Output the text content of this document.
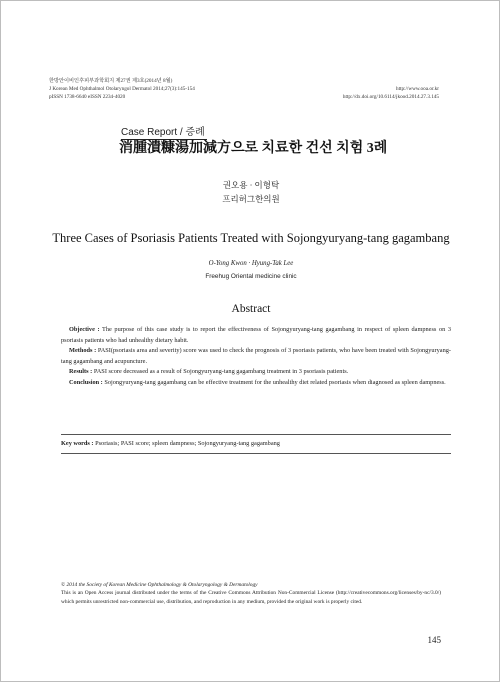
한방안이비인후피부과학회지 제27권 제3호(2014년 8월)
J Korean Med Ophthalmol Otolaryngol Dermatol 2014;27(3):145-154
pISSN 1738-6640 eISSN 2234-4020
http://www.ooa.or.kr
http://dx.doi.org/10.6114/jkood.2014.27.3.145
Case Report / 증례
消腫潰糠湯加減方으로 치료한 건선 치험 3례
권오용 · 이형탁
프리허그한의원
Three Cases of Psoriasis Patients Treated with Sojongyuryang-tang gagambang
O-Yong Kwon · Hyung-Tak Lee
Freehug Oriental medicine clinic
Abstract

Objective : The purpose of this case study is to report the effectiveness of Sojongyuryang-tang gagambang in respect of spleen dampness on 3 psoriasis patients who had unhealthy dietary habit.

Methods : PASI(psoriasis area and severity) score was used to check the prognosis of 3 psoriasis patients, who have been treated with Sojongyuryang-tang gagambang and acupuncture.

Results : PASI score decreased as a result of Sojongyuryang-tang gagambang treatment in 3 psoriasis patients.

Conclusion : Sojongyuryang-tang gagambang can be effective treatment for the unhealthy diet related psoriasis when diagnosed as spleen dampness.

Key words : Psoriasis; PASI score; spleen dampness; Sojongyuryang-tang gagambang
© 2014 the Society of Korean Medicine Ophthalmology & Otolaryngology & Dermatology
This is an Open Access journal distributed under the terms of the Creative Commons Attribution Non-Commercial License (http://creativecommons.org/licenses/by-nc/3.0/) which permits unrestricted non-commercial use, distribution, and reproduction in any medium, provided the original work is properly cited.
145
